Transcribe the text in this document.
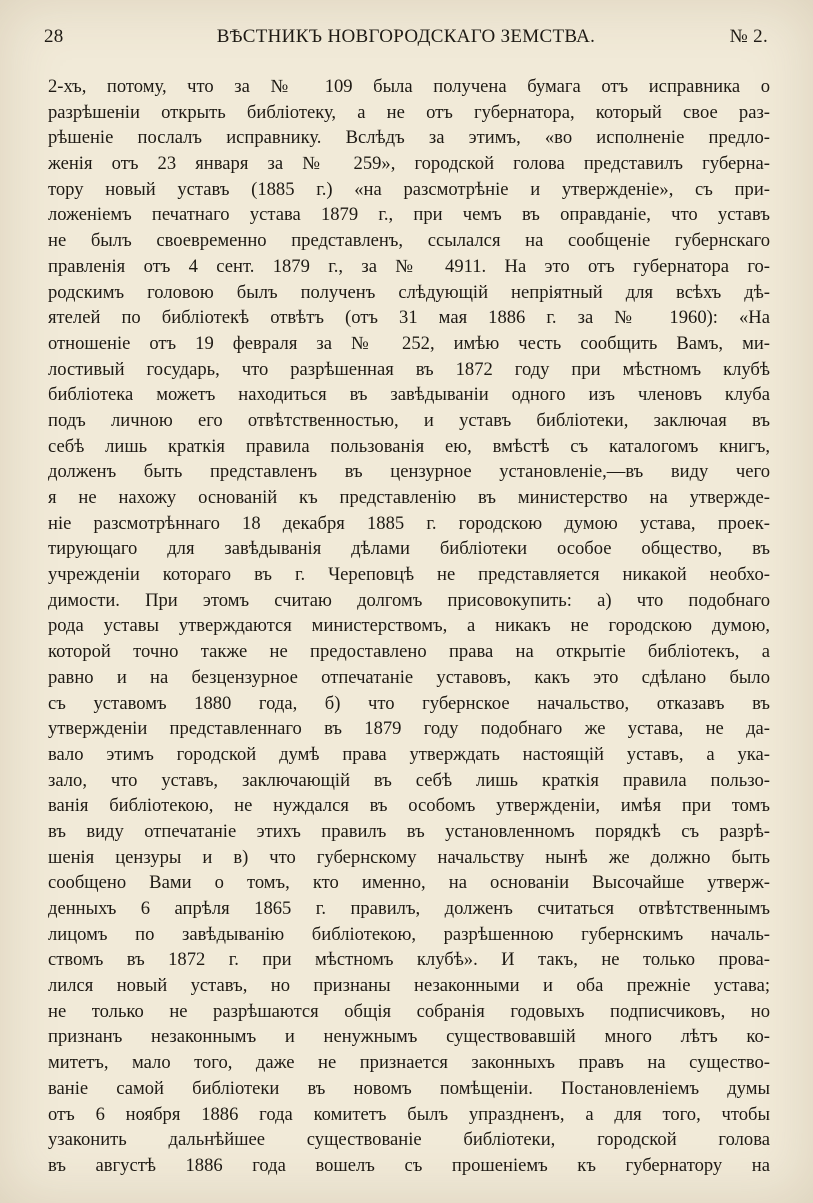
28	ВѢСТНИКЪ НОВГОРОДСКАГО ЗЕМСТВА.	№ 2.
2-хъ, потому, что за № 109 была получена бумага отъ исправника о
разрѣшеніи открыть библіотеку, а не отъ губернатора, который свое раз-
рѣшеніе послалъ исправнику. Вслѣдъ за этимъ, «во исполненіе предло-
женія отъ 23 января за № 259», городской голова представилъ губерна-
тору новый уставъ (1885 г.) «на разсмотрѣніе и утвержденіе», съ при-
ложеніемъ печатнаго устава 1879 г., при чемъ въ оправданіе, что уставъ
не былъ своевременно представленъ, ссылался на сообщеніе губернскаго
правленія отъ 4 сент. 1879 г., за № 4911. На это отъ губернатора го-
родскимъ головою былъ полученъ слѣдующій непріятный для всѣхъ дѣ-
ятелей по библіотекѣ отвѣтъ (отъ 31 мая 1886 г. за № 1960): «На
отношеніе отъ 19 февраля за № 252, имѣю честь сообщить Вамъ, ми-
лостивый государь, что разрѣшенная въ 1872 году при мѣстномъ клубѣ
библіотека можетъ находиться въ завѣдываніи одного изъ членовъ клуба
подъ личною его отвѣтственностью, и уставъ библіотеки, заключая въ
себѣ лишь краткія правила пользованія ею, вмѣстѣ съ каталогомъ книгъ,
долженъ быть представленъ въ цензурное установленіе,—въ виду чего
я не нахожу основаній къ представленію въ министерство на утвержде-
ніе разсмотрѣннаго 18 декабря 1885 г. городскою думою устава, проек-
тирующаго для завѣдыванія дѣлами библіотеки особое общество, въ
учрежденіи котораго въ г. Череповцѣ не представляется никакой необхо-
димости. При этомъ считаю долгомъ присовокупить: а) что подобнаго
рода уставы утверждаются министерствомъ, а никакъ не городскою думою,
которой точно также не предоставлено права на открытіе библіотекъ, а
равно и на безцензурное отпечатаніе уставовъ, какъ это сдѣлано было
съ уставомъ 1880 года, б) что губернское начальство, отказавъ въ
утвержденіи представленнаго въ 1879 году подобнаго же устава, не да-
вало этимъ городской думѣ права утверждать настоящій уставъ, а ука-
зало, что уставъ, заключающій въ себѣ лишь краткія правила пользо-
ванія библіотекою, не нуждался въ особомъ утвержденіи, имѣя при томъ
въ виду отпечатаніе этихъ правилъ въ установленномъ порядкѣ съ разрѣ-
шенія цензуры и в) что губернскому начальству нынѣ же должно быть
сообщено Вами о томъ, кто именно, на основаніи Высочайше утверж-
денныхъ 6 апрѣля 1865 г. правилъ, долженъ считаться отвѣтственнымъ
лицомъ по завѣдыванію библіотекою, разрѣшенною губернскимъ началь-
ствомъ въ 1872 г. при мѣстномъ клубѣ». И такъ, не только прова-
лился новый уставъ, но признаны незаконными и оба прежніе устава;
не только не разрѣшаются общія собранія годовыхъ подписчиковъ, но
признанъ незаконнымъ и ненужнымъ существовавшій много лѣтъ ко-
митетъ, мало того, даже не признается законныхъ правъ на существо-
ваніе самой библіотеки въ новомъ помѣщеніи. Постановленіемъ думы
отъ 6 ноября 1886 года комитетъ былъ упраздненъ, а для того, чтобы
узаконить дальнѣйшее существованіе библіотеки, городской голова
въ августѣ 1886 года вошелъ съ прошеніемъ къ губернатору на
